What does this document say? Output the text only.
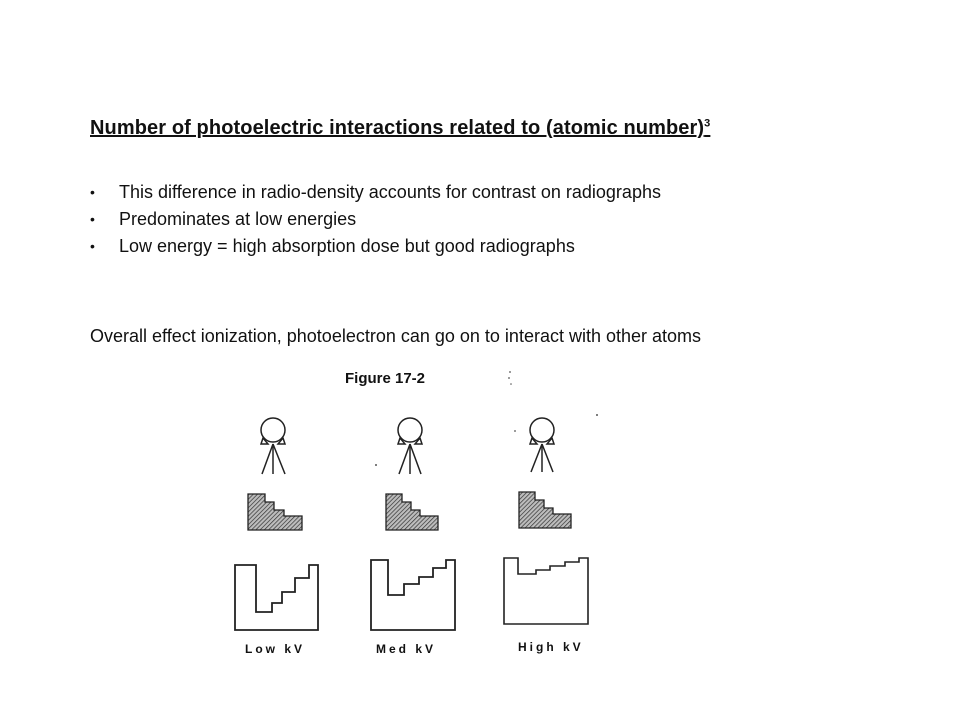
Number of photoelectric interactions related to (atomic number)$^3$
• This difference in radio-density accounts for contrast on radiographs
• Predominates at low energies
• Low energy = high absorption dose but good radiographs
Overall effect ionization, photoelectron can go on to interact with other atoms
Figure 17-2
Low kV	Med kV	High kV
